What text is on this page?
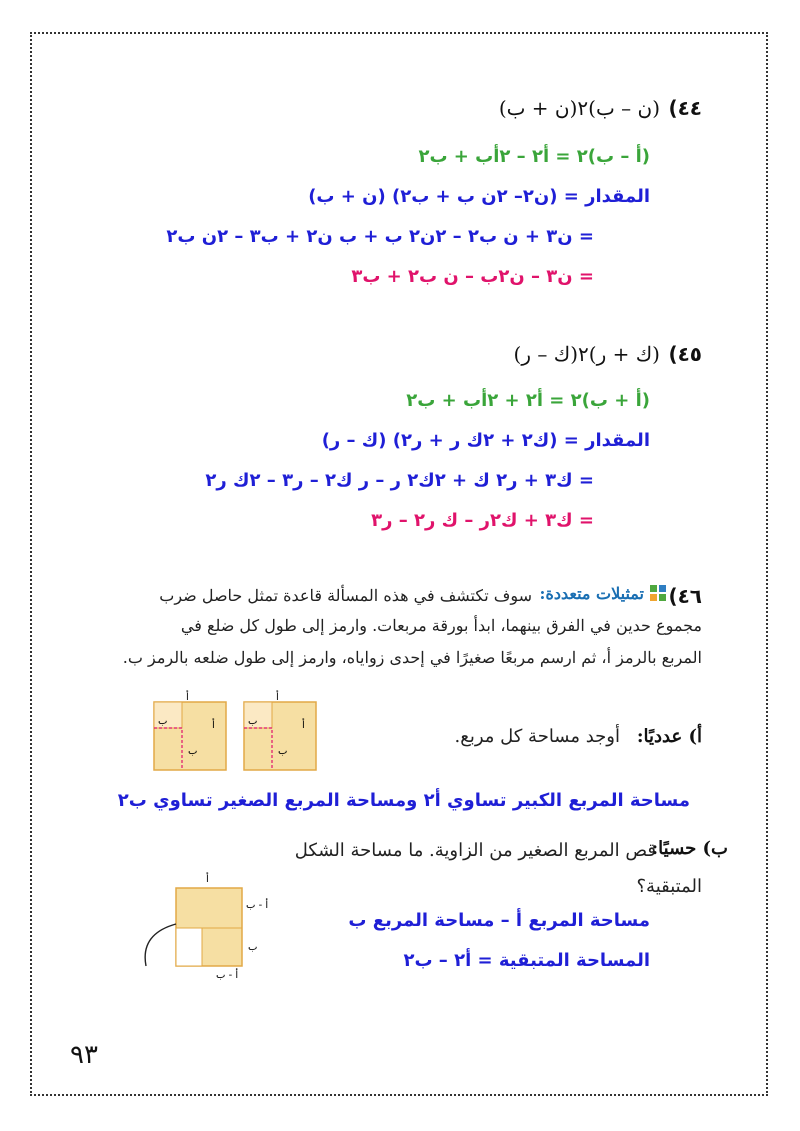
٤٤)
(ن – ب)٢(ن + ب)
(أ – ب)٢ = أ٢ – ٢أب + ب٢
المقدار = (ن٢– ٢ن ب + ب٢) (ن + ب)
= ن٣ + ن ب٢ – ٢ن٢ ب + ب ن٢ + ب٣ – ٢ن ب٢
= ن٣ – ن٢ب – ن ب٢ + ب٣
٤٥)
(ك + ر)٢(ك – ر)
(أ + ب)٢ = أ٢ + ٢أب + ب٢
المقدار = (ك٢ + ٢ك ر + ر٢) (ك – ر)
= ك٣ + ر٢ ك + ٢ك٢ ر – ر ك٢ – ر٣ – ٢ك ر٢
= ك٣ + ك٢ر – ك ر٢ – ر٣
٤٦)
تمثيلات متعددة:
سوف تكتشف في هذه المسألة قاعدة تمثل حاصل ضرب
مجموع حدين في الفرق بينهما، ابدأ بورقة مربعات. وارمز إلى طول كل ضلع في
المربع بالرمز أ، ثم ارسم مربعًا صغيرًا في إحدى زواياه، وارمز إلى طول ضلعه بالرمز ب.
أ) عدديًا:
أوجد مساحة كل مربع.
أ
ب	أ
ب
أ
ب	أ
ب
مساحة المربع الكبير تساوي أ٢ ومساحة المربع الصغير تساوي ب٢
ب) حسيًا:
قص المربع الصغير من الزاوية. ما مساحة الشكل
المتبقية؟
أ
أ - ب
ب
أ - ب
مساحة المربع أ – مساحة المربع ب
المساحة المتبقية = أ٢ – ب٢
٩٣
